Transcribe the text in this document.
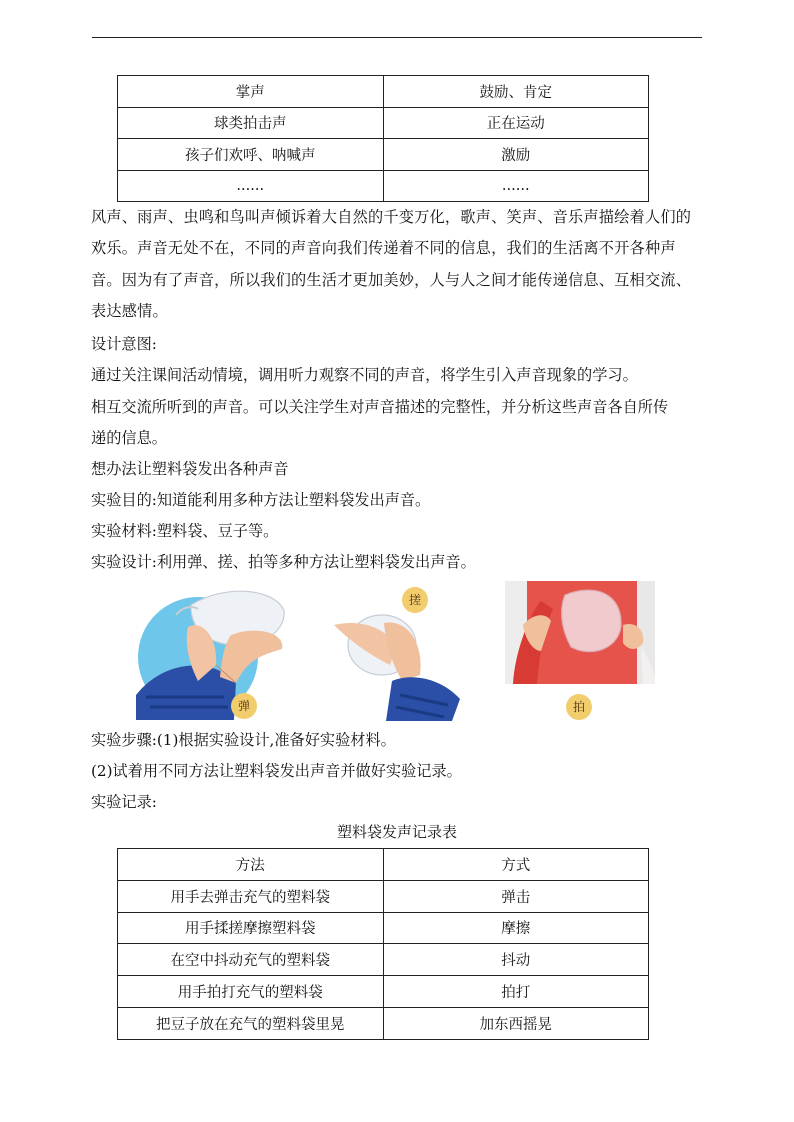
掌声	鼓励、肯定
球类拍击声	正在运动
孩子们欢呼、呐喊声	激励
......	......

风声、雨声、虫鸣和鸟叫声倾诉着大自然的千变万化，歌声、笑声、音乐声描绘着人们的欢乐。声音无处不在，不同的声音向我们传递着不同的信息，我们的生活离不开各种声音。因为有了声音，所以我们的生活才更加美妙，人与人之间才能传递信息、互相交流、表达感情。

设计意图:

通过关注课间活动情境，调用听力观察不同的声音，将学生引入声音现象的学习。

相互交流所听到的声音。可以关注学生对声音描述的完整性，并分析这些声音各自所传

递的信息。

想办法让塑料袋发出各种声音

实验目的:知道能利用多种方法让塑料袋发出声音。

实验材料:塑料袋、豆子等。

实验设计:利用弹、搓、拍等多种方法让塑料袋发出声音。

弹
搓
拍

实验步骤:(1)根据实验设计,准备好实验材料。

(2)试着用不同方法让塑料袋发出声音并做好实验记录。

实验记录:

塑料袋发声记录表
方法	方式
用手去弹击充气的塑料袋	弹击
用手揉搓摩擦塑料袋	摩擦
在空中抖动充气的塑料袋	抖动
用手拍打充气的塑料袋	拍打
把豆子放在充气的塑料袋里晃	加东西摇晃
